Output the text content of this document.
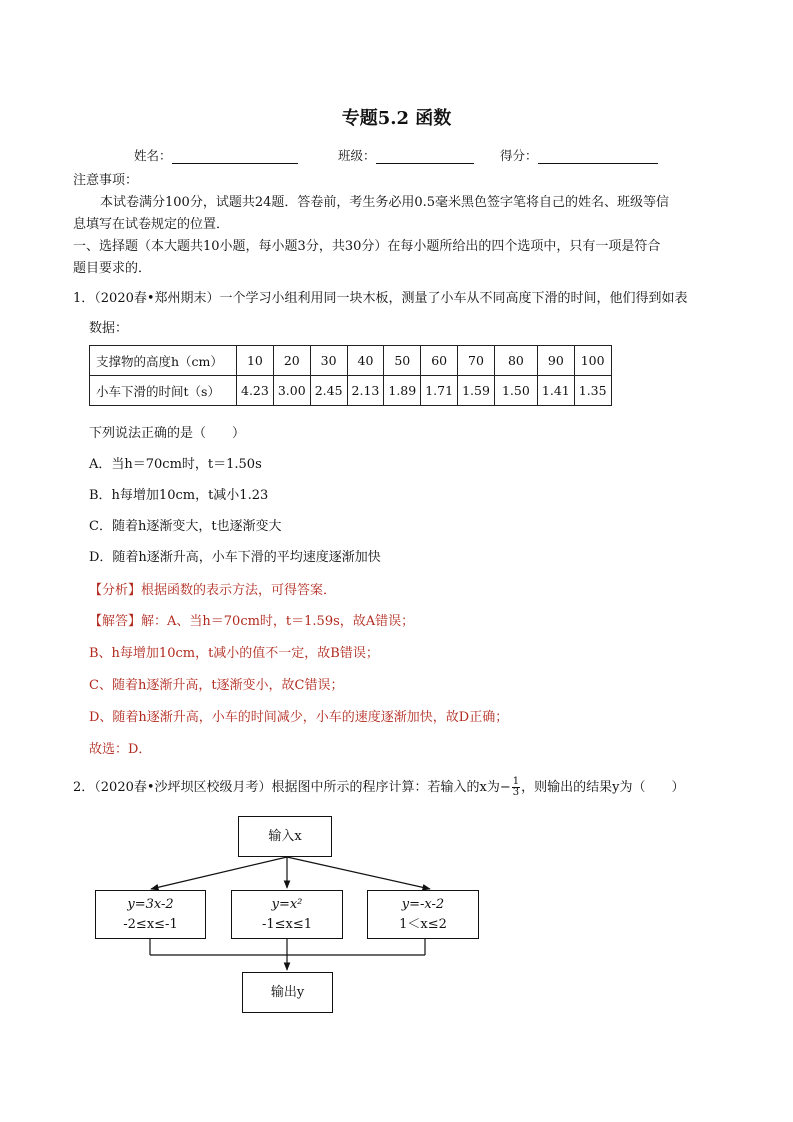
专题5.2 函数
姓名：	班级：	得分：
注意事项：
本试卷满分100分，试题共24题．答卷前，考生务必用0.5毫米黑色签字笔将自己的姓名、班级等信
息填写在试卷规定的位置．
一、选择题（本大题共10小题，每小题3分，共30分）在每小题所给出的四个选项中，只有一项是符合
题目要求的．
1．（2020春•郑州期末）一个学习小组利用同一块木板，测量了小车从不同高度下滑的时间，他们得到如表
数据：
支撑物的高度h（cm）	10	20	30	40	50	60	70	80	90	100
小车下滑的时间t（s）	4.23	3.00	2.45	2.13	1.89	1.71	1.59	1.50	1.41	1.35
下列说法正确的是（　　）
A．当h＝70cm时，t＝1.50s
B．h每增加10cm，t减小1.23
C．随着h逐渐变大，t也逐渐变大
D．随着h逐渐升高，小车下滑的平均速度逐渐加快
【分析】根据函数的表示方法，可得答案．
【解答】解：A、当h＝70cm时，t＝1.59s，故A错误；
B、h每增加10cm，t减小的值不一定，故B错误；
C、随着h逐渐升高，t逐渐变小，故C错误；
D、随着h逐渐升高，小车的时间减少，小车的速度逐渐加快，故D正确；
故选：D．
2．（2020春•沙坪坝区校级月考）根据图中所示的程序计算：若输入的x为− $\frac{1}{3}$ ，则输出的结果y为（　　）
输入x
y=3x-2
-2≤x≤-1
y=x²
-1≤x≤1
y=-x-2
1＜x≤2
输出y
